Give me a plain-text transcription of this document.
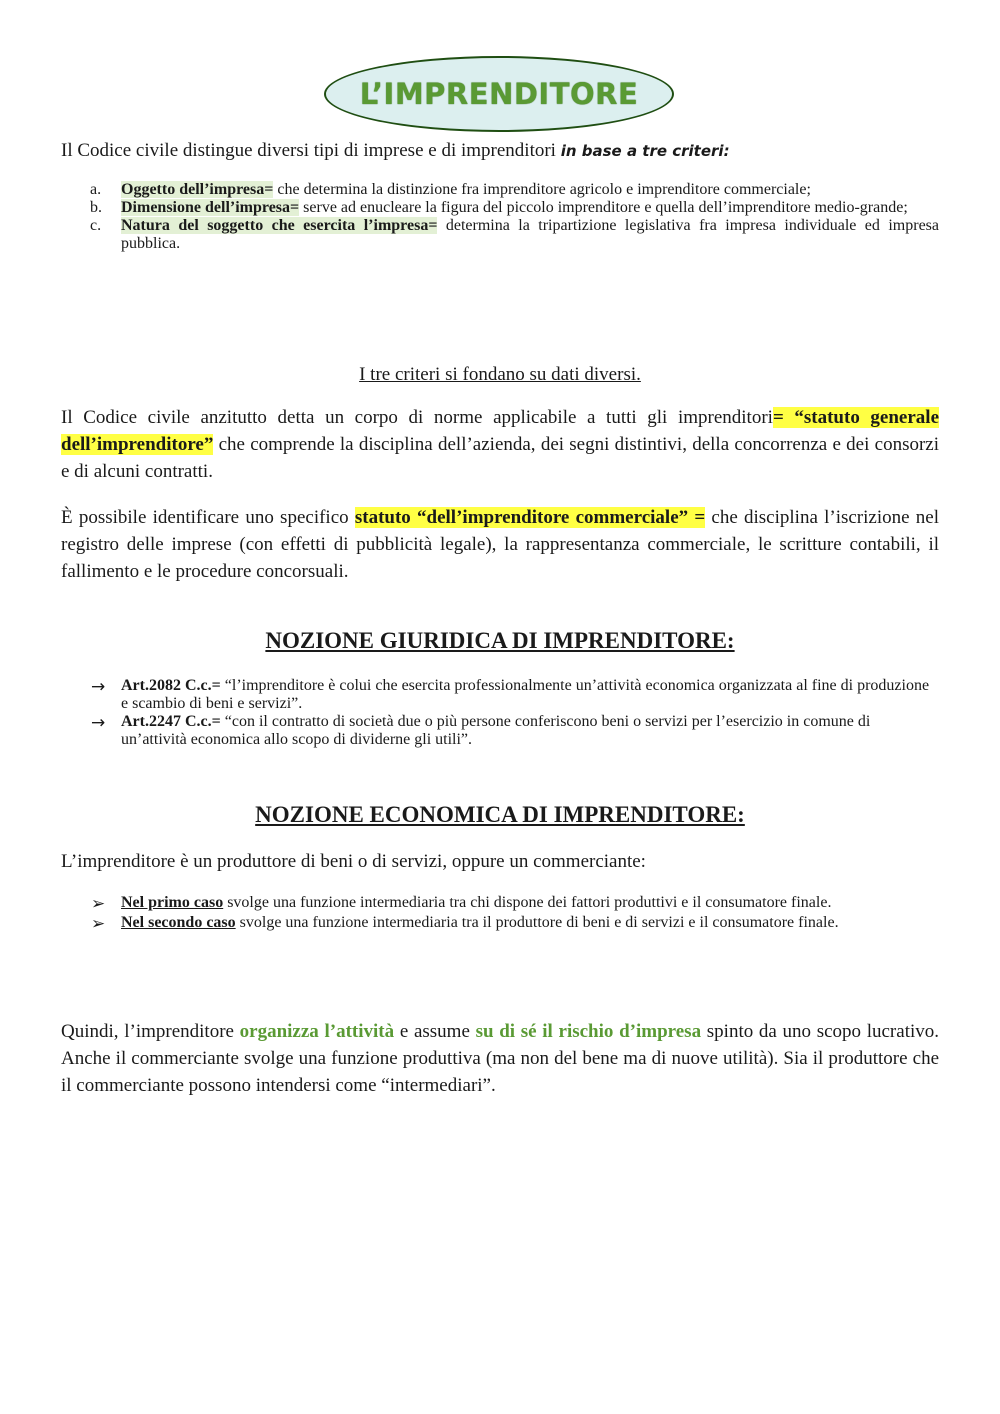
L’IMPRENDITORE

Il Codice civile distingue diversi tipi di imprese e di imprenditori in base a tre criteri:

a.	Oggetto dell’impresa= che determina la distinzione fra imprenditore agricolo e imprenditore commerciale;
b.	Dimensione dell’impresa= serve ad enucleare la figura del piccolo imprenditore e quella dell’imprenditore medio-grande;
c.	Natura del soggetto che esercita l’impresa= determina la tripartizione legislativa fra impresa individuale ed impresa pubblica.

I tre criteri si fondano su dati diversi.

Il Codice civile anzitutto detta un corpo di norme applicabile a tutti gli imprenditori= “statuto generale dell’imprenditore” che comprende la disciplina dell’azienda, dei segni distintivi, della concorrenza e dei consorzi e di alcuni contratti.

È possibile identificare uno specifico statuto “dell’imprenditore commerciale” = che disciplina l’iscrizione nel registro delle imprese (con effetti di pubblicità legale), la rappresentanza commerciale, le scritture contabili, il fallimento e le procedure concorsuali.

NOZIONE GIURIDICA DI IMPRENDITORE:
→ Art.2082 C.c.= “l’imprenditore è colui che esercita professionalmente un’attività economica organizzata al fine di produzione e scambio di beni e servizi”.
→ Art.2247 C.c.= “con il contratto di società due o più persone conferiscono beni o servizi per l’esercizio in comune di un’attività economica allo scopo di dividerne gli utili”.
NOZIONE ECONOMICA DI IMPRENDITORE:

L’imprenditore è un produttore di beni o di servizi, oppure un commerciante:

➢ Nel primo caso svolge una funzione intermediaria tra chi dispone dei fattori produttivi e il consumatore finale.
➢ Nel secondo caso svolge una funzione intermediaria tra il produttore di beni e di servizi e il consumatore finale.

Quindi, l’imprenditore organizza l’attività e assume su di sé il rischio d’impresa spinto da uno scopo lucrativo. Anche il commerciante svolge una funzione produttiva (ma non del bene ma di nuove utilità). Sia il produttore che il commerciante possono intendersi come “intermediari”.
